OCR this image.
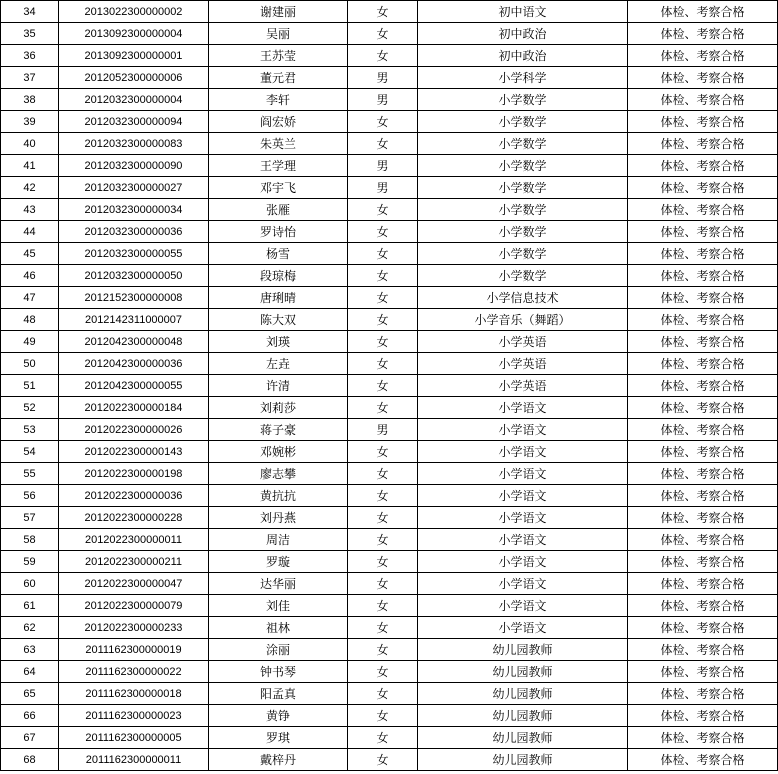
34	2013022300000002	谢建丽	女	初中语文	体检、考察合格
35	2013092300000004	吴丽	女	初中政治	体检、考察合格
36	2013092300000001	王苏莹	女	初中政治	体检、考察合格
37	2012052300000006	董元君	男	小学科学	体检、考察合格
38	2012032300000004	李轩	男	小学数学	体检、考察合格
39	2012032300000094	阎宏娇	女	小学数学	体检、考察合格
40	2012032300000083	朱英兰	女	小学数学	体检、考察合格
41	2012032300000090	王学理	男	小学数学	体检、考察合格
42	2012032300000027	邓宇飞	男	小学数学	体检、考察合格
43	2012032300000034	张雁	女	小学数学	体检、考察合格
44	2012032300000036	罗诗怡	女	小学数学	体检、考察合格
45	2012032300000055	杨雪	女	小学数学	体检、考察合格
46	2012032300000050	段琼梅	女	小学数学	体检、考察合格
47	2012152300000008	唐琍晴	女	小学信息技术	体检、考察合格
48	2012142311000007	陈大双	女	小学音乐（舞蹈）	体检、考察合格
49	2012042300000048	刘瑛	女	小学英语	体检、考察合格
50	2012042300000036	左垚	女	小学英语	体检、考察合格
51	2012042300000055	许清	女	小学英语	体检、考察合格
52	2012022300000184	刘莉莎	女	小学语文	体检、考察合格
53	2012022300000026	蒋子豪	男	小学语文	体检、考察合格
54	2012022300000143	邓婉彬	女	小学语文	体检、考察合格
55	2012022300000198	廖志攀	女	小学语文	体检、考察合格
56	2012022300000036	黄抗抗	女	小学语文	体检、考察合格
57	2012022300000228	刘丹燕	女	小学语文	体检、考察合格
58	2012022300000011	周洁	女	小学语文	体检、考察合格
59	2012022300000211	罗璇	女	小学语文	体检、考察合格
60	2012022300000047	达华丽	女	小学语文	体检、考察合格
61	2012022300000079	刘佳	女	小学语文	体检、考察合格
62	2012022300000233	祖林	女	小学语文	体检、考察合格
63	2011162300000019	涂丽	女	幼儿园教师	体检、考察合格
64	2011162300000022	钟书琴	女	幼儿园教师	体检、考察合格
65	2011162300000018	阳孟真	女	幼儿园教师	体检、考察合格
66	2011162300000023	黄铮	女	幼儿园教师	体检、考察合格
67	2011162300000005	罗琪	女	幼儿园教师	体检、考察合格
68	2011162300000011	戴梓丹	女	幼儿园教师	体检、考察合格
